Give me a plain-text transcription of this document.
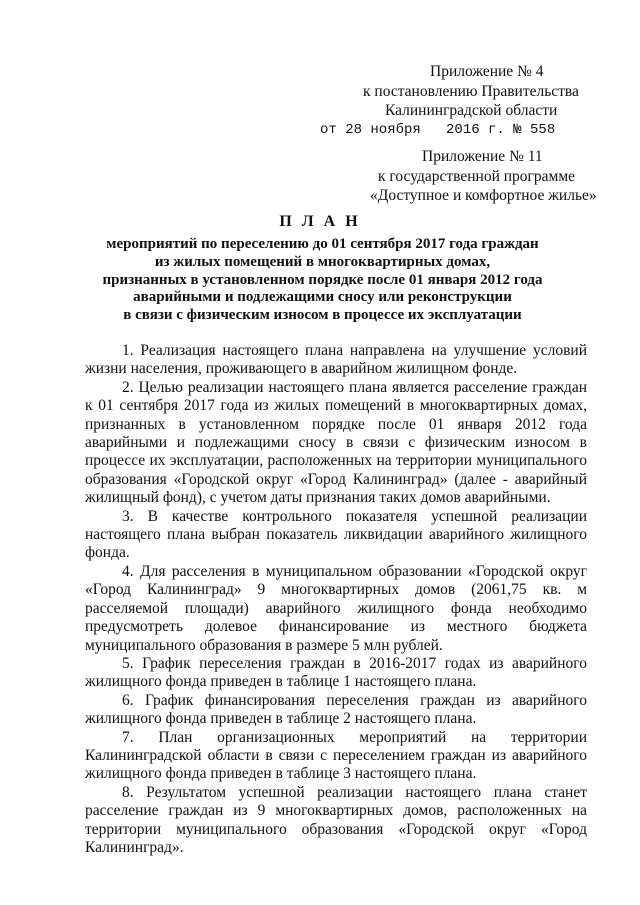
Приложение № 4
к постановлению Правительства
Калининградской области
от 28 ноября   2016 г. № 558
Приложение № 11
к государственной программе
«Доступное и комфортное жилье»
П Л А Н
мероприятий по переселению до 01 сентября 2017 года граждан
из жилых помещений в многоквартирных домах,
признанных в установленном порядке после 01 января 2012 года
аварийными и подлежащими сносу или реконструкции
в связи с физическим износом в процессе их эксплуатации

1. Реализация настоящего плана направлена на улучшение условий жизни населения, проживающего в аварийном жилищном фонде.

2. Целью реализации настоящего плана является расселение граждан к 01 сентября 2017 года из жилых помещений в многоквартирных домах, признанных в установленном порядке после 01 января 2012 года аварийными и подлежащими сносу в связи с физическим износом в процессе их эксплуатации, расположенных на территории муниципального образования «Городской округ «Город Калининград» (далее - аварийный жилищный фонд), с учетом даты признания таких домов аварийными.

3. В качестве контрольного показателя успешной реализации настоящего плана выбран показатель ликвидации аварийного жилищного фонда.

4. Для расселения в муниципальном образовании «Городской округ «Город Калининград» 9 многоквартирных домов (2061,75 кв. м расселяемой площади) аварийного жилищного фонда необходимо предусмотреть долевое финансирование из местного бюджета муниципального образования в размере 5 млн рублей.

5. График переселения граждан в 2016-2017 годах из аварийного жилищного фонда приведен в таблице 1 настоящего плана.

6. График финансирования переселения граждан из аварийного жилищного фонда приведен в таблице 2 настоящего плана.

7. План организационных мероприятий на территории Калининградской области в связи с переселением граждан из аварийного жилищного фонда приведен в таблице 3 настоящего плана.

8. Результатом успешной реализации настоящего плана станет расселение граждан из 9 многоквартирных домов, расположенных на территории муниципального образования «Городской округ «Город Калининград».
